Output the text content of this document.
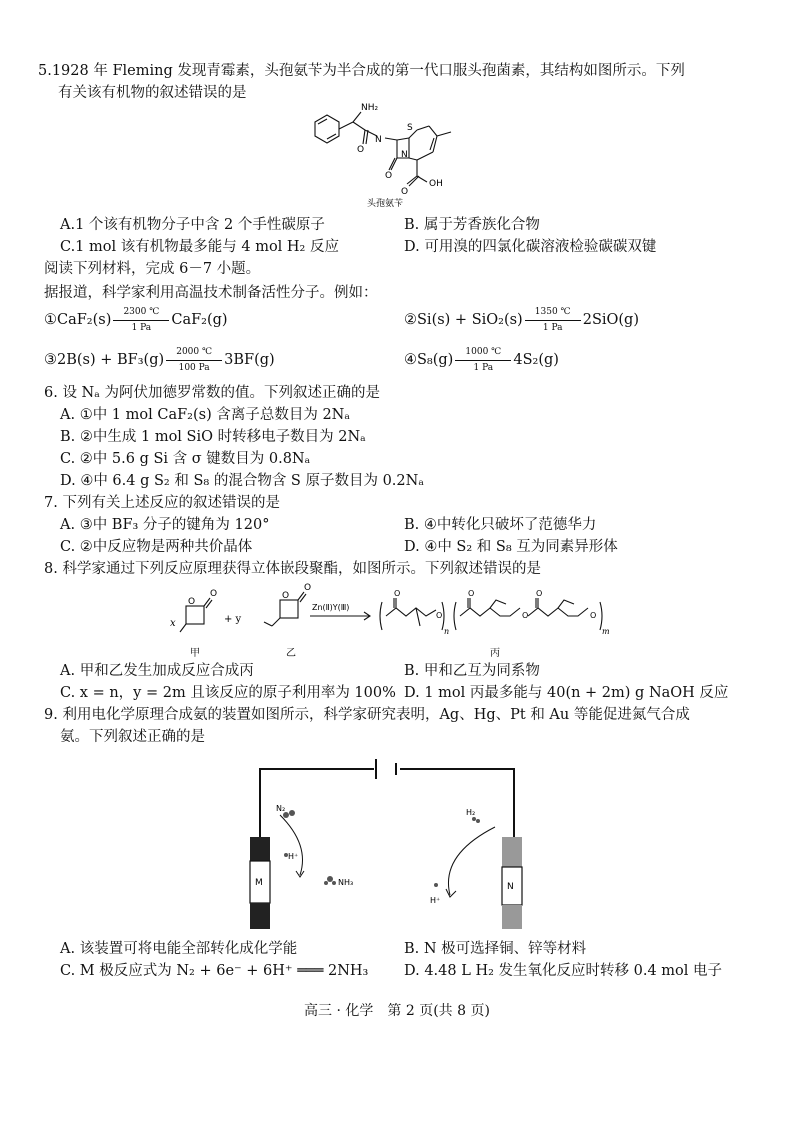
5.1928 年 Fleming 发现青霉素，头孢氨苄为半合成的第一代口服头孢菌素，其结构如图所示。下列
有关该有机物的叙述错误的是
NH₂
N
O
S
N
O
O
OH
头孢氨苄
A.1 个该有机物分子中含 2 个手性碳原子	B. 属于芳香族化合物
C.1 mol 该有机物最多能与 4 mol H₂ 反应	D. 可用溴的四氯化碳溶液检验碳碳双键
阅读下列材料，完成 6－7 小题。
据报道，科学家利用高温技术制备活性分子。例如：
①CaF₂(s) $\frac{2300 ℃}{1 Pa} CaF_2(g)$	②Si(s) + $SiO_2(s) \frac{1350 ℃}{1 Pa} 2SiO(g)$
③2B(s) + $BF_3(g) \frac{2000 ℃}{100 Pa} 3BF(g)$	④S₈(g) $\frac{1000 ℃}{1 Pa} 4S_2(g)$
6. 设 Nₐ 为阿伏加德罗常数的值。下列叙述正确的是
A. ①中 1 mol CaF₂(s) 含离子总数目为 2Nₐ
B. ②中生成 1 mol SiO 时转移电子数目为 2Nₐ
C. ②中 5.6 g Si 含 σ 键数目为 0.8Nₐ
D. ④中 6.4 g S₂ 和 S₈ 的混合物含 S 原子数目为 0.2Nₐ
7. 下列有关上述反应的叙述错误的是
A. ③中 BF₃ 分子的键角为 120°	B. ④中转化只破坏了范德华力
C. ②中反应物是两种共价晶体	D. ④中 S₂ 和 S₈ 互为同素异形体
8. 科学家通过下列反应原理获得立体嵌段聚酯，如图所示。下列叙述错误的是
x
O
O
+ y
O
O
Zn(Ⅱ)Y(Ⅲ)
O
O
n
O
O
O
O
m
甲	乙	丙
A. 甲和乙发生加成反应合成丙	B. 甲和乙互为同系物
C. x = n，y = 2m 且该反应的原子利用率为 100% D. 1 mol 丙最多能与 40(n + 2m) g NaOH 反应
9. 利用电化学原理合成氨的装置如图所示，科学家研究表明，Ag、Hg、Pt 和 Au 等能促进氮气合成
氨。下列叙述正确的是
M	N
N₂
H⁺
NH₃
H₂
H⁺
A. 该装置可将电能全部转化成化学能	B. N 极可选择铜、锌等材料
C. M 极反应式为 N₂ + 6e⁻ + 6H⁺ ═══ 2NH₃ D. 4.48 L H₂ 发生氧化反应时转移 0.4 mol 电子
高三 · 化学　第 2 页(共 8 页)
